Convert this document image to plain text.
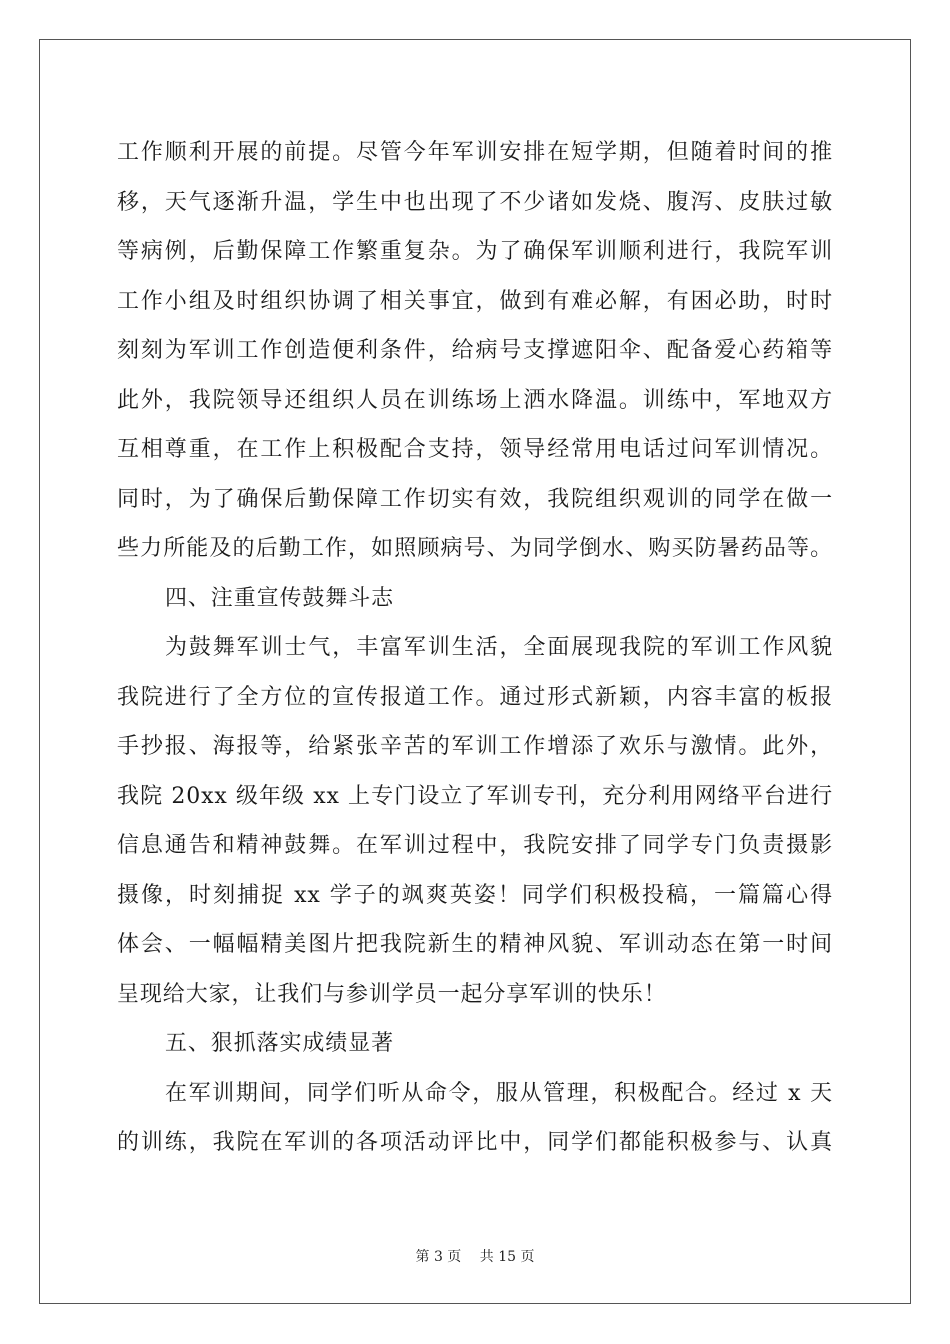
工作顺利开展的前提。尽管今年军训安排在短学期，但随着时间的推
移，天气逐渐升温，学生中也出现了不少诸如发烧、腹泻、皮肤过敏
等病例，后勤保障工作繁重复杂。为了确保军训顺利进行，我院军训
工作小组及时组织协调了相关事宜，做到有难必解，有困必助，时时
刻刻为军训工作创造便利条件，给病号支撑遮阳伞、配备爱心药箱等
此外，我院领导还组织人员在训练场上洒水降温。训练中，军地双方
互相尊重，在工作上积极配合支持，领导经常用电话过问军训情况。
同时，为了确保后勤保障工作切实有效，我院组织观训的同学在做一
些力所能及的后勤工作，如照顾病号、为同学倒水、购买防暑药品等。
四、注重宣传鼓舞斗志
为鼓舞军训士气，丰富军训生活，全面展现我院的军训工作风貌
我院进行了全方位的宣传报道工作。通过形式新颖，内容丰富的板报
手抄报、海报等，给紧张辛苦的军训工作增添了欢乐与激情。此外，
我院 20xx 级年级 xx 上专门设立了军训专刊，充分利用网络平台进行
信息通告和精神鼓舞。在军训过程中，我院安排了同学专门负责摄影
摄像，时刻捕捉 xx 学子的飒爽英姿！同学们积极投稿，一篇篇心得
体会、一幅幅精美图片把我院新生的精神风貌、军训动态在第一时间
呈现给大家，让我们与参训学员一起分享军训的快乐！
五、狠抓落实成绩显著
在军训期间，同学们听从命令，服从管理，积极配合。经过 x 天
的训练，我院在军训的各项活动评比中，同学们都能积极参与、认真
第 3 页 共 15 页
